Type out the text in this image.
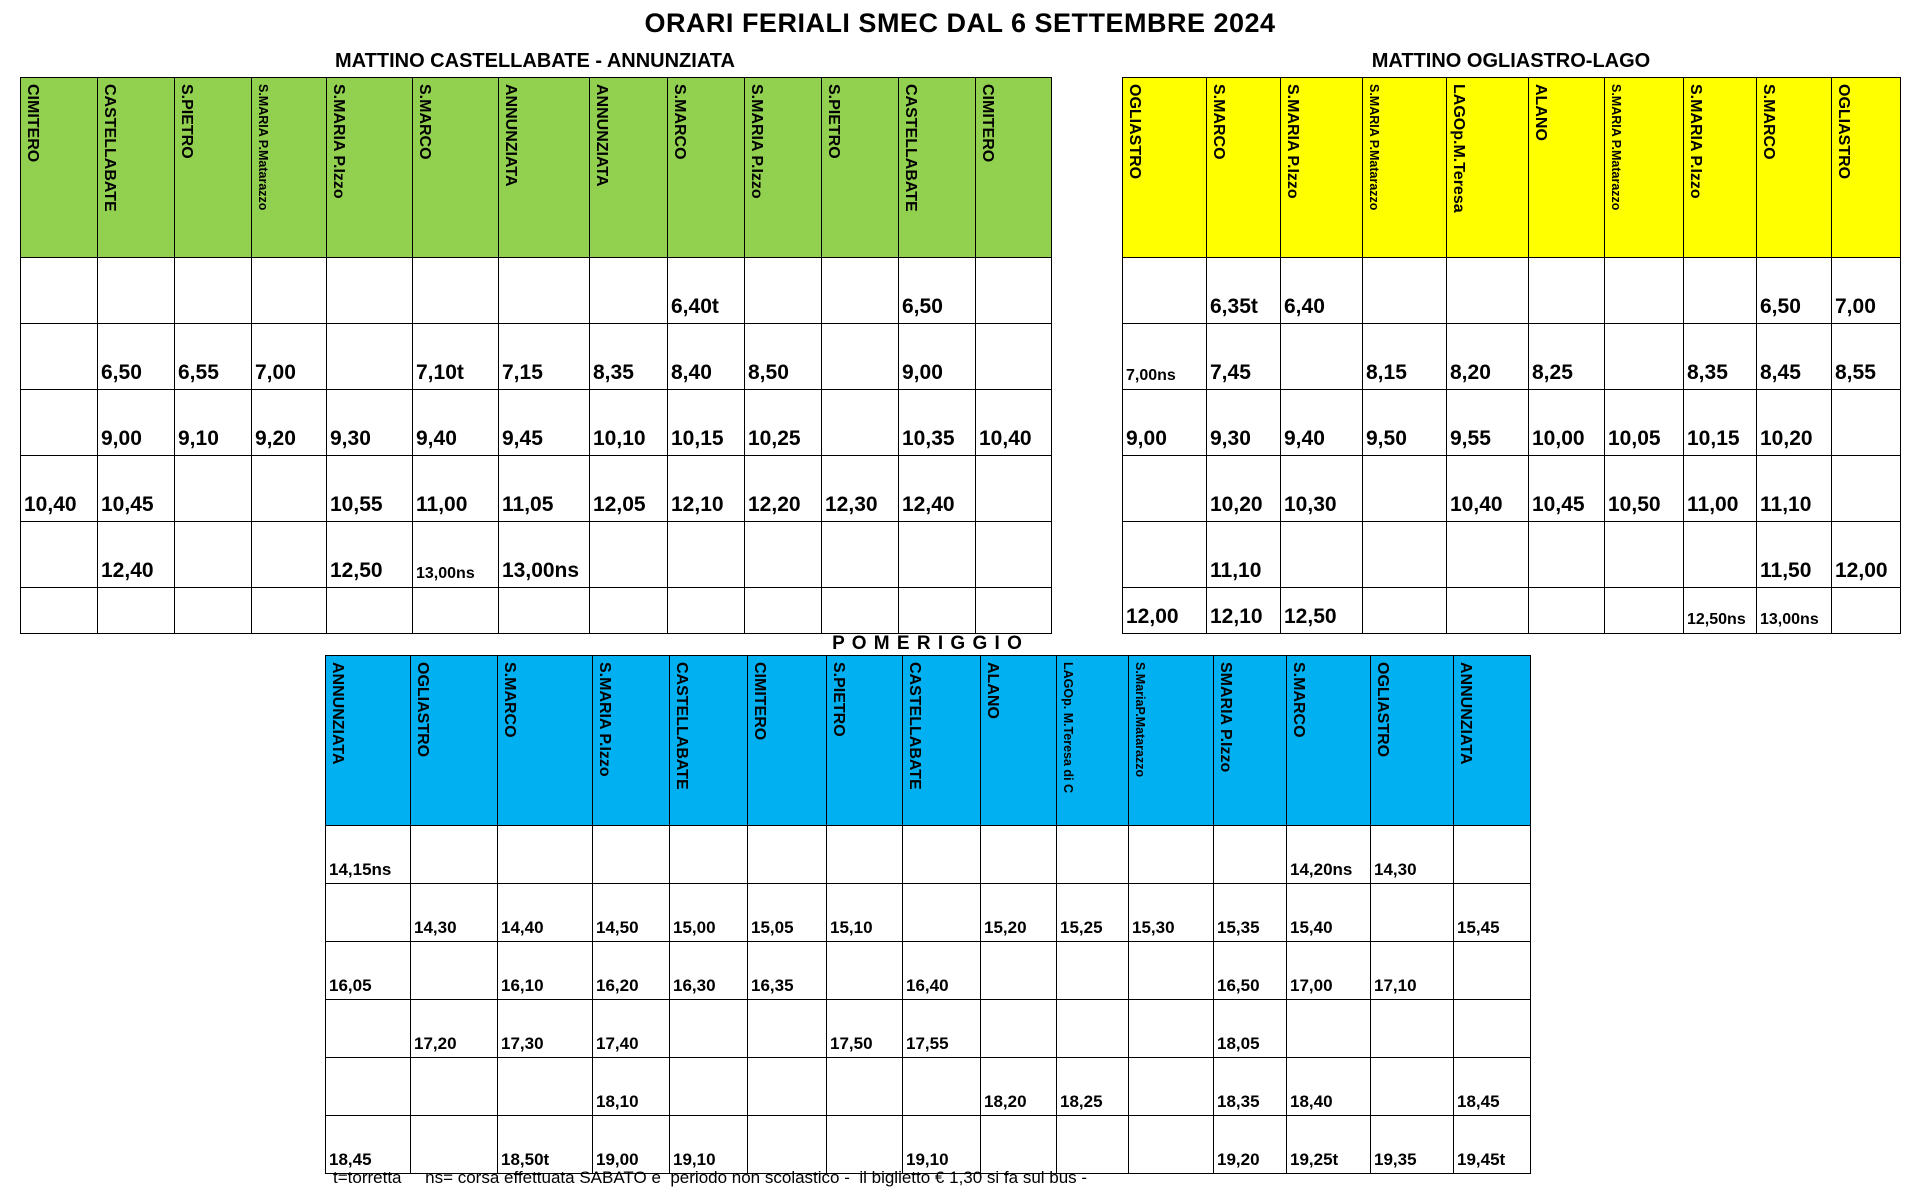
ORARI FERIALI SMEC DAL 6 SETTEMBRE 2024
MATTINO CASTELLABATE - ANNUNZIATA
CIMITERO	CASTELLABATE	S.PIETRO	S.MARIA P.Matarazzo	S.MARIA P.Izzo	S.MARCO	ANNUNZIATA	ANNUNZIATA	S.MARCO	S.MARIA P.Izzo	S.PIETRO	CASTELLABATE	CIMITERO
								6,40t			6,50	
	6,50	6,55	7,00		7,10t	7,15	8,35	8,40	8,50		9,00	
	9,00	9,10	9,20	9,30	9,40	9,45	10,10	10,15	10,25		10,35	10,40
10,40	10,45			10,55	11,00	11,05	12,05	12,10	12,20	12,30	12,40	
	12,40			12,50	13,00ns	13,00ns						

MATTINO OGLIASTRO-LAGO
OGLIASTRO	S.MARCO	S.MARIA P.Izzo	S.MARIA P.Matarazzo	LAGOp.M.Teresa	ALANO	S.MARIA P.Matarazzo	S.MARIA P.Izzo	S.MARCO	OGLIASTRO
	6,35t	6,40						6,50	7,00
7,00ns	7,45		8,15	8,20	8,25		8,35	8,45	8,55
9,00	9,30	9,40	9,50	9,55	10,00	10,05	10,15	10,20	
	10,20	10,30		10,40	10,45	10,50	11,00	11,10	
	11,10							11,50	12,00
12,00	12,10	12,50					12,50ns	13,00ns	
P O M E R I G G I O
ANNUNZIATA	OGLIASTRO	S.MARCO	S.MARIA P.Izzo	CASTELLABATE	CIMITERO	S.PIETRO	CASTELLABATE	ALANO	LAGOp. M.Teresa di C	S.MariaP.Matarazzo	SMARIA P.Izzo	S.MARCO	OGLIASTRO	ANNUNZIATA
14,15ns												14,20ns	14,30	
	14,30	14,40	14,50	15,00	15,05	15,10		15,20	15,25	15,30	15,35	15,40		15,45
16,05		16,10	16,20	16,30	16,35		16,40				16,50	17,00	17,10	
	17,20	17,30	17,40			17,50	17,55				18,05			
			18,10					18,20	18,25		18,35	18,40		18,45
18,45		18,50t	19,00	19,10			19,10				19,20	19,25t	19,35	19,45t
t=torretta     ns= corsa effettuata SABATO e  periodo non scolastico -  il biglietto € 1,30 si fa sul bus -
